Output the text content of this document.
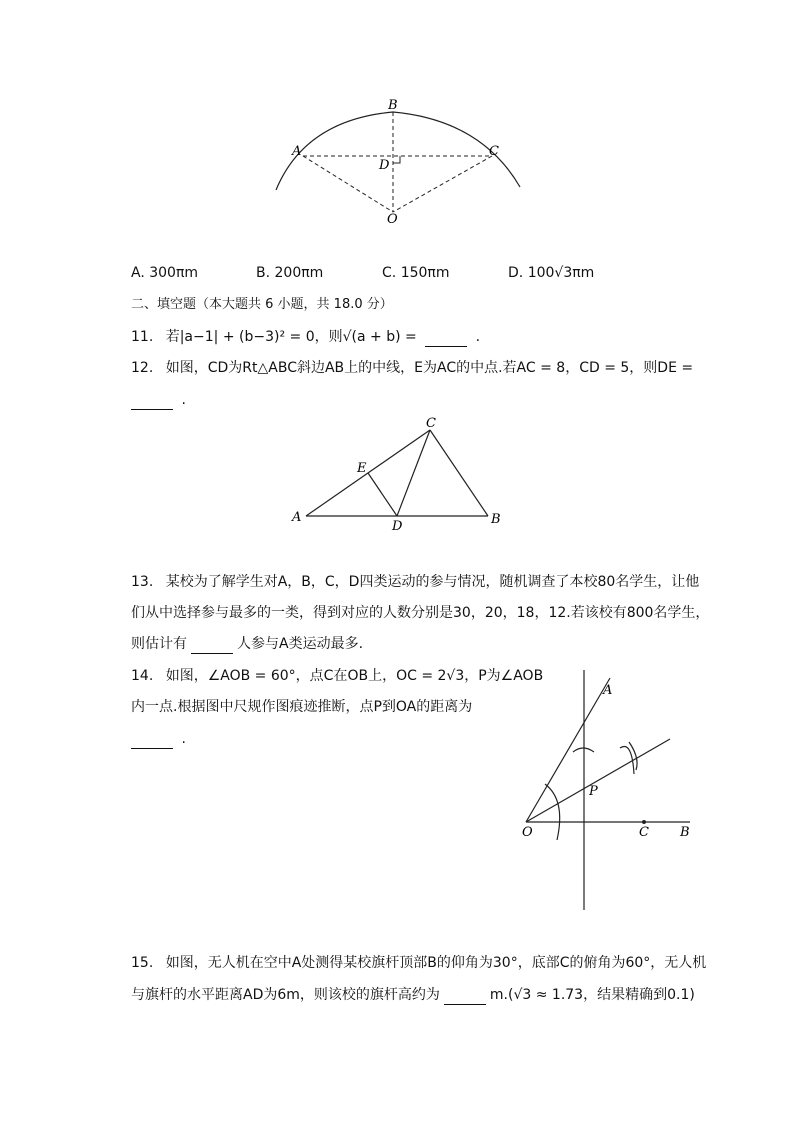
B
A	C
D
O
A. 300πm	B. 200πm	C. 150πm	D. 100√3πm
二、填空题（本大题共 6 小题，共 18.0 分）
11. 若|a−1| + (b−3)² = 0，则√(a + b) =	.
12. 如图，CD为Rt△ABC斜边AB上的中线，E为AC的中点.若AC = 8，CD = 5，则DE =
.
C
E
A
D	B
13. 某校为了解学生对A，B，C，D四类运动的参与情况，随机调查了本校80名学生，让他
们从中选择参与最多的一类，得到对应的人数分别是30，20，18，12.若该校有800名学生，
则估计有	人参与A类运动最多.
14. 如图，∠AOB = 60°，点C在OB上，OC = 2√3，P为∠AOB
内一点.根据图中尺规作图痕迹推断，点P到OA的距离为
.
A
P
O	C B
15. 如图，无人机在空中A处测得某校旗杆顶部B的仰角为30°，底部C的俯角为60°，无人机
与旗杆的水平距离AD为6m，则该校的旗杆高约为	m.(√3 ≈ 1.73，结果精确到0.1)
